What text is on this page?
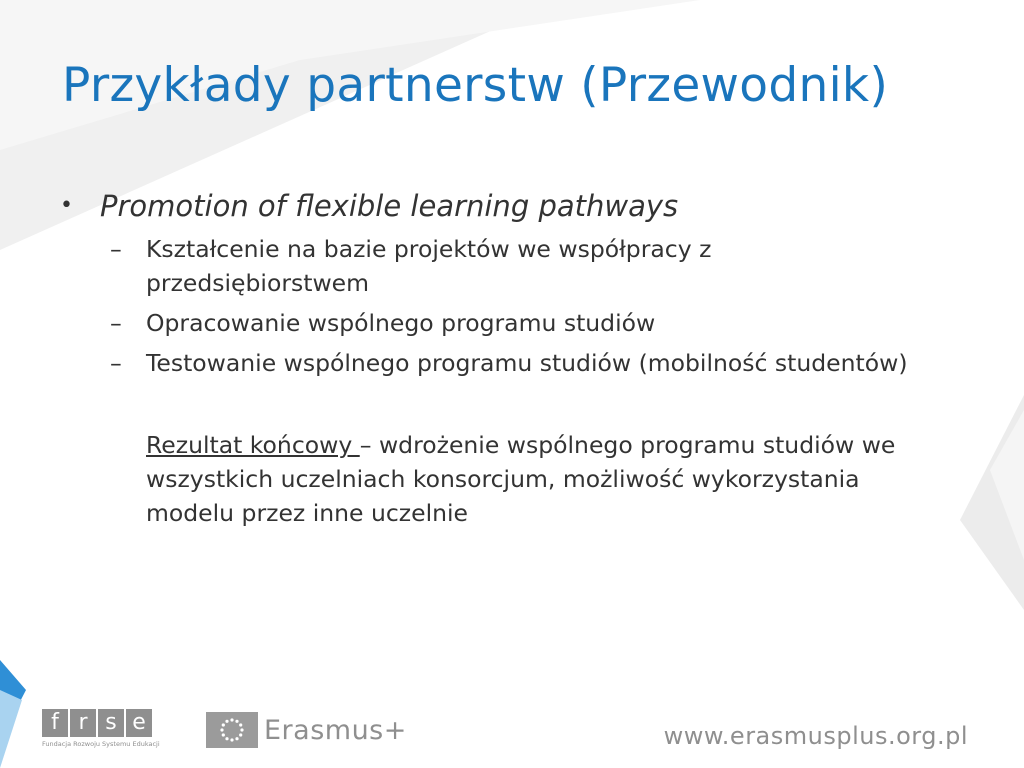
Przykłady partnerstw (Przewodnik)
• Promotion of flexible learning pathways
– Kształcenie na bazie projektów we współpracy z przedsiębiorstwem
– Opracowanie wspólnego programu studiów
– Testowanie wspólnego programu studiów (mobilność studentów)
Rezultat końcowy – wdrożenie wspólnego programu studiów we wszystkich uczelniach konsorcjum, możliwość wykorzystania modelu przez inne uczelnie
f r s e
Fundacja Rozwoju Systemu Edukacji	Erasmus+	www.erasmusplus.org.pl
